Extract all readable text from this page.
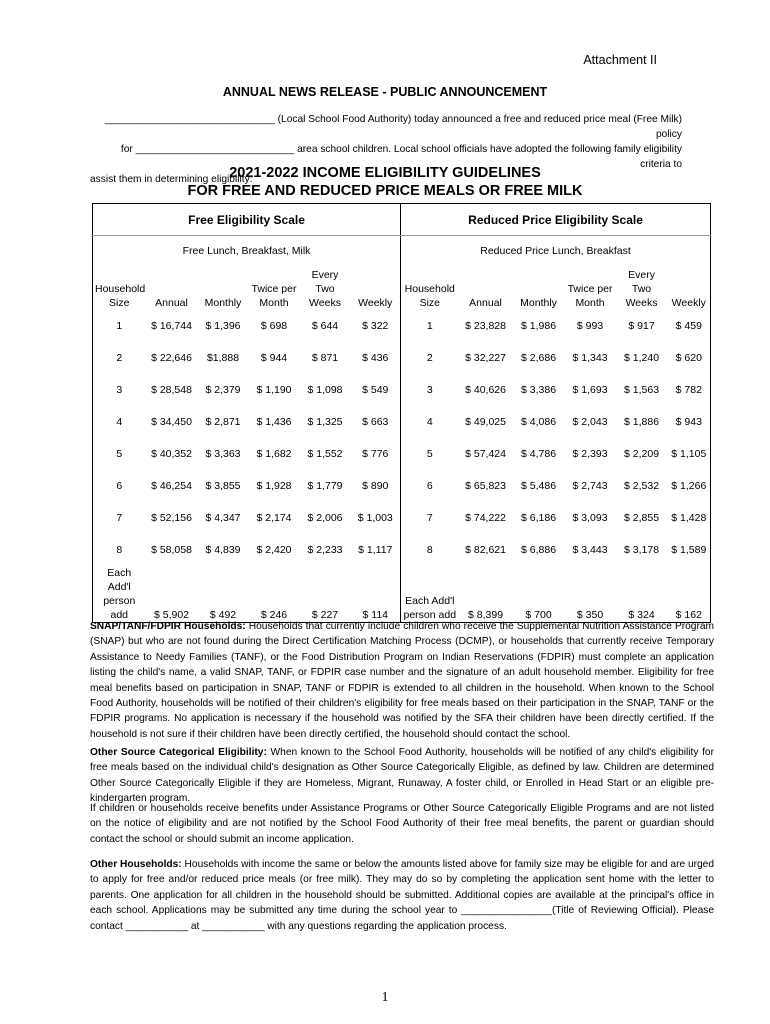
Attachment II
ANNUAL NEWS RELEASE - PUBLIC ANNOUNCEMENT
______________________________ (Local School Food Authority) today announced a free and reduced price meal (Free Milk) policy
for ____________________________ area school children. Local school officials have adopted the following family eligibility criteria to
assist them in determining eligibility:
2021-2022 INCOME ELIGIBILITY GUIDELINES
FOR FREE AND REDUCED PRICE MEALS OR FREE MILK
Free Eligibility Scale						Reduced Price Eligibility Scale					
Free Lunch, Breakfast, Milk						Reduced Price Lunch, Breakfast					
Household Size	Annual	Monthly	Twice per Month	Every Two Weeks	Weekly	Household Size	Annual	Monthly	Twice per Month	Every Two Weeks	Weekly
1	$ 16,744	$ 1,396	$ 698	$ 644	$ 322	1	$ 23,828	$ 1,986	$ 993	$ 917	$ 459
2	$ 22,646	$1,888	$ 944	$ 871	$ 436	2	$ 32,227	$ 2,686	$ 1,343	$ 1,240	$ 620
3	$ 28,548	$ 2,379	$ 1,190	$ 1,098	$ 549	3	$ 40,626	$ 3,386	$ 1,693	$ 1,563	$ 782
4	$ 34,450	$ 2,871	$ 1,436	$ 1,325	$ 663	4	$ 49,025	$ 4,086	$ 2,043	$ 1,886	$ 943
5	$ 40,352	$ 3,363	$ 1,682	$ 1,552	$ 776	5	$ 57,424	$ 4,786	$ 2,393	$ 2,209	$ 1,105
6	$ 46,254	$ 3,855	$ 1,928	$ 1,779	$ 890	6	$ 65,823	$ 5,486	$ 2,743	$ 2,532	$ 1,266
7	$ 52,156	$ 4,347	$ 2,174	$ 2,006	$ 1,003	7	$ 74,222	$ 6,186	$ 3,093	$ 2,855	$ 1,428
8	$ 58,058	$ 4,839	$ 2,420	$ 2,233	$ 1,117	8	$ 82,621	$ 6,886	$ 3,443	$ 3,178	$ 1,589
Each Add'l person add	$ 5,902	$ 492	$ 246	$ 227	$ 114	Each Add'l person add	$ 8,399	$ 700	$ 350	$ 324	$ 162
SNAP/TANF/FDPIR Households: Households that currently include children who receive the Supplemental Nutrition Assistance Program (SNAP) but who are not found during the Direct Certification Matching Process (DCMP), or households that currently receive Temporary Assistance to Needy Families (TANF), or the Food Distribution Program on Indian Reservations (FDPIR) must complete an application listing the child's name, a valid SNAP, TANF, or FDPIR case number and the signature of an adult household member. Eligibility for free meal benefits based on participation in SNAP, TANF or FDPIR is extended to all children in the household. When known to the School Food Authority, households will be notified of their children's eligibility for free meals based on their participation in the SNAP, TANF or the FDPIR programs. No application is necessary if the household was notified by the SFA their children have been directly certified. If the household is not sure if their children have been directly certified, the household should contact the school.
Other Source Categorical Eligibility: When known to the School Food Authority, households will be notified of any child's eligibility for free meals based on the individual child's designation as Other Source Categorically Eligible, as defined by law. Children are determined Other Source Categorically Eligible if they are Homeless, Migrant, Runaway, A foster child, or Enrolled in Head Start or an eligible pre-kindergarten program.
If children or households receive benefits under Assistance Programs or Other Source Categorically Eligible Programs and are not listed on the notice of eligibility and are not notified by the School Food Authority of their free meal benefits, the parent or guardian should contact the school or should submit an income application.
Other Households: Households with income the same or below the amounts listed above for family size may be eligible for and are urged to apply for free and/or reduced price meals (or free milk). They may do so by completing the application sent home with the letter to parents. One application for all children in the household should be submitted. Additional copies are available at the principal's office in each school. Applications may be submitted any time during the school year to ________________(Title of Reviewing Official). Please contact ___________ at ___________ with any questions regarding the application process.
1
